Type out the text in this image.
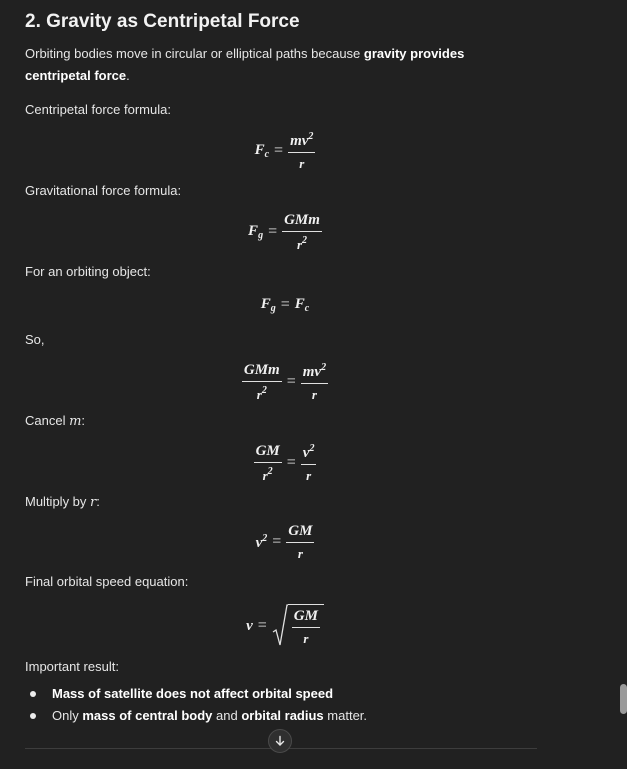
2. Gravity as Centripetal Force

Orbiting bodies move in circular or elliptical paths because gravity provides centripetal force.

Centripetal force formula:

$F_c = \frac{mv^2}{r}$

Gravitational force formula:

$F_g = \frac{\text{GMm}}{r^2}$

For an orbiting object:

$F_g = F_c$

So,

$\frac{\text{GMm}}{r^2} = \frac{mv^2}{r}$

Cancel m:

$\frac{GM}{r^2} = \frac{v^2}{r}$

Multiply by r:

$v^2 = \frac{GM}{r}$

Final orbital speed equation:

$v = \frac{GM}{r}$

Important result:

Mass of satellite does not affect orbital speed
Only mass of central body and orbital radius matter.
